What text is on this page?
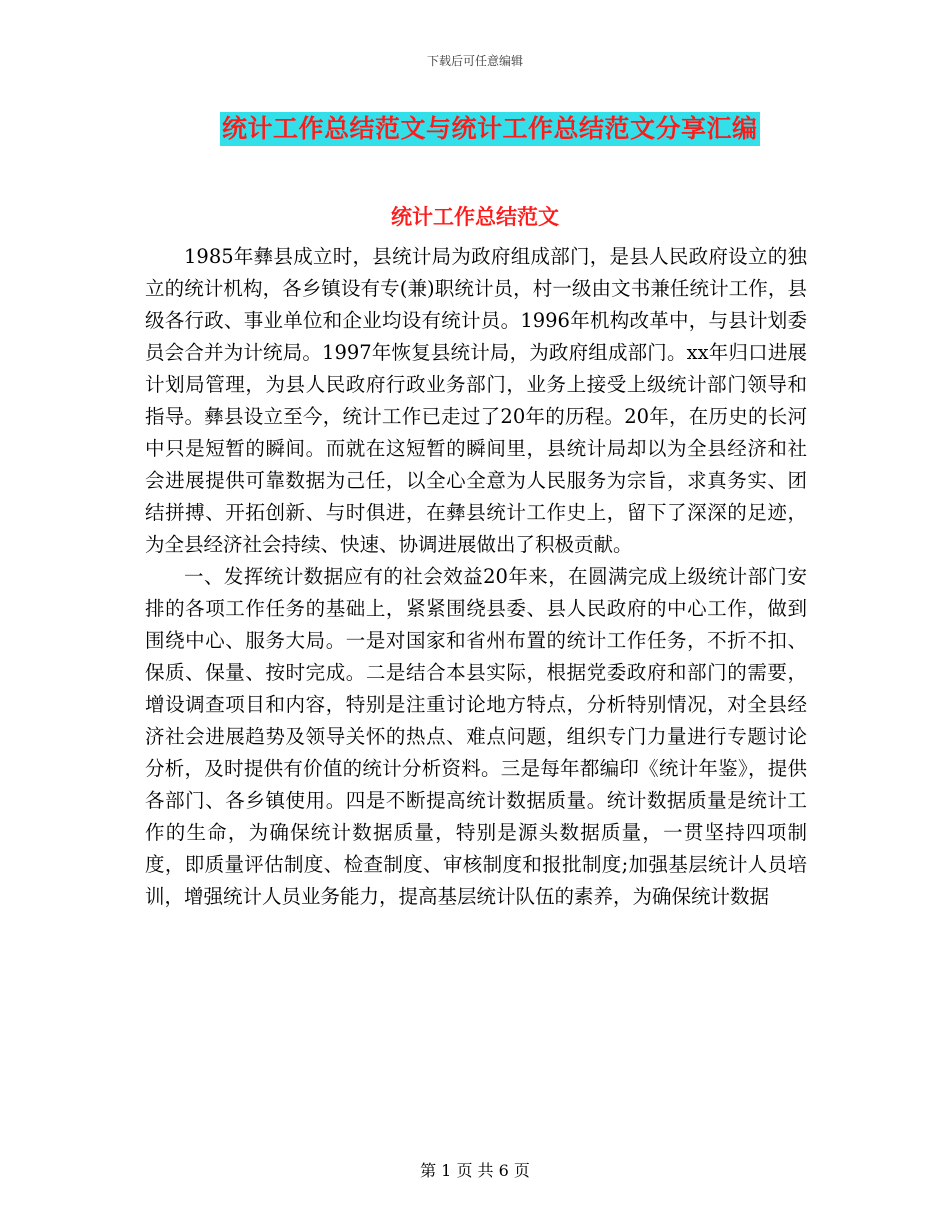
下载后可任意编辑
统计工作总结范文与统计工作总结范文分享汇编
统计工作总结范文

1985年彝县成立时，县统计局为政府组成部门，是县人民政府设立的独立的统计机构，各乡镇设有专(兼)职统计员，村一级由文书兼任统计工作，县级各行政、事业单位和企业均设有统计员。1996年机构改革中，与县计划委员会合并为计统局。1997年恢复县统计局，为政府组成部门。xx年归口进展计划局管理，为县人民政府行政业务部门，业务上接受上级统计部门领导和指导。彝县设立至今，统计工作已走过了20年的历程。20年，在历史的长河中只是短暂的瞬间。而就在这短暂的瞬间里，县统计局却以为全县经济和社会进展提供可靠数据为己任，以全心全意为人民服务为宗旨，求真务实、团结拼搏、开拓创新、与时俱进，在彝县统计工作史上，留下了深深的足迹，为全县经济社会持续、快速、协调进展做出了积极贡献。

一、发挥统计数据应有的社会效益20年来，在圆满完成上级统计部门安排的各项工作任务的基础上，紧紧围绕县委、县人民政府的中心工作，做到围绕中心、服务大局。一是对国家和省州布置的统计工作任务，不折不扣、保质、保量、按时完成。二是结合本县实际，根据党委政府和部门的需要，增设调查项目和内容，特别是注重讨论地方特点，分析特别情况，对全县经济社会进展趋势及领导关怀的热点、难点问题，组织专门力量进行专题讨论分析，及时提供有价值的统计分析资料。三是每年都编印《统计年鉴》，提供各部门、各乡镇使用。四是不断提高统计数据质量。统计数据质量是统计工作的生命，为确保统计数据质量，特别是源头数据质量，一贯坚持四项制度，即质量评估制度、检查制度、审核制度和报批制度;加强基层统计人员培训，增强统计人员业务能力，提高基层统计队伍的素养，为确保统计数据

第 1 页 共 6 页
